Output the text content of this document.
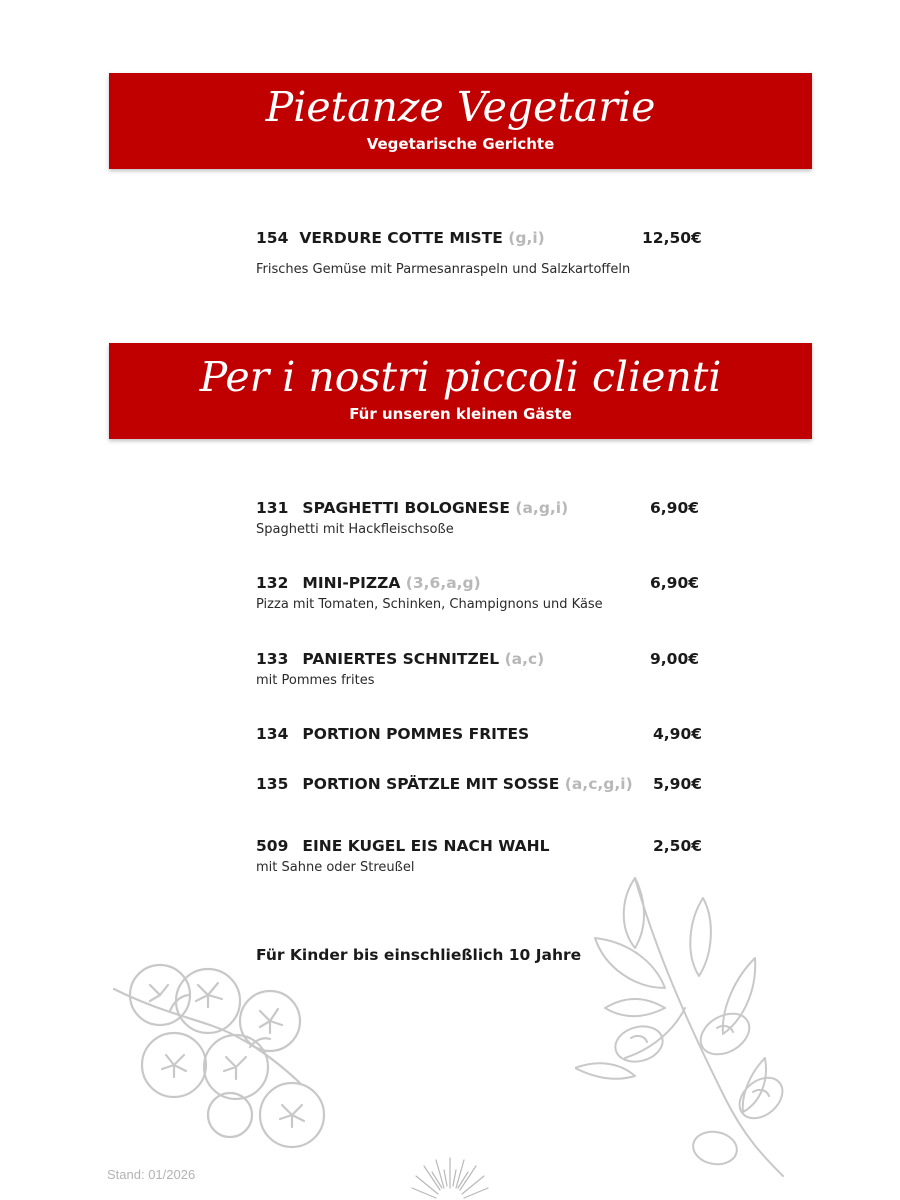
Pietanze Vegetarie
Vegetarische Gerichte
154 VERDURE COTTE MISTE (g,i)	12,50€
Frisches Gemüse mit Parmesanraspeln und Salzkartoffeln
Per i nostri piccoli clienti
Für unseren kleinen Gäste
131 SPAGHETTI BOLOGNESE (a,g,i)	6,90€
Spaghetti mit Hackfleischsoße
132 MINI-PIZZA (3,6,a,g)	6,90€
Pizza mit Tomaten, Schinken, Champignons und Käse
133 PANIERTES SCHNITZEL (a,c)	9,00€
mit Pommes frites
134 PORTION POMMES FRITES	4,90€
135 PORTION SPÄTZLE MIT SOSSE (a,c,g,i) 5,90€
509 EINE KUGEL EIS NACH WAHL	2,50€
mit Sahne oder Streußel
Für Kinder bis einschließlich 10 Jahre
Stand: 01/2026
